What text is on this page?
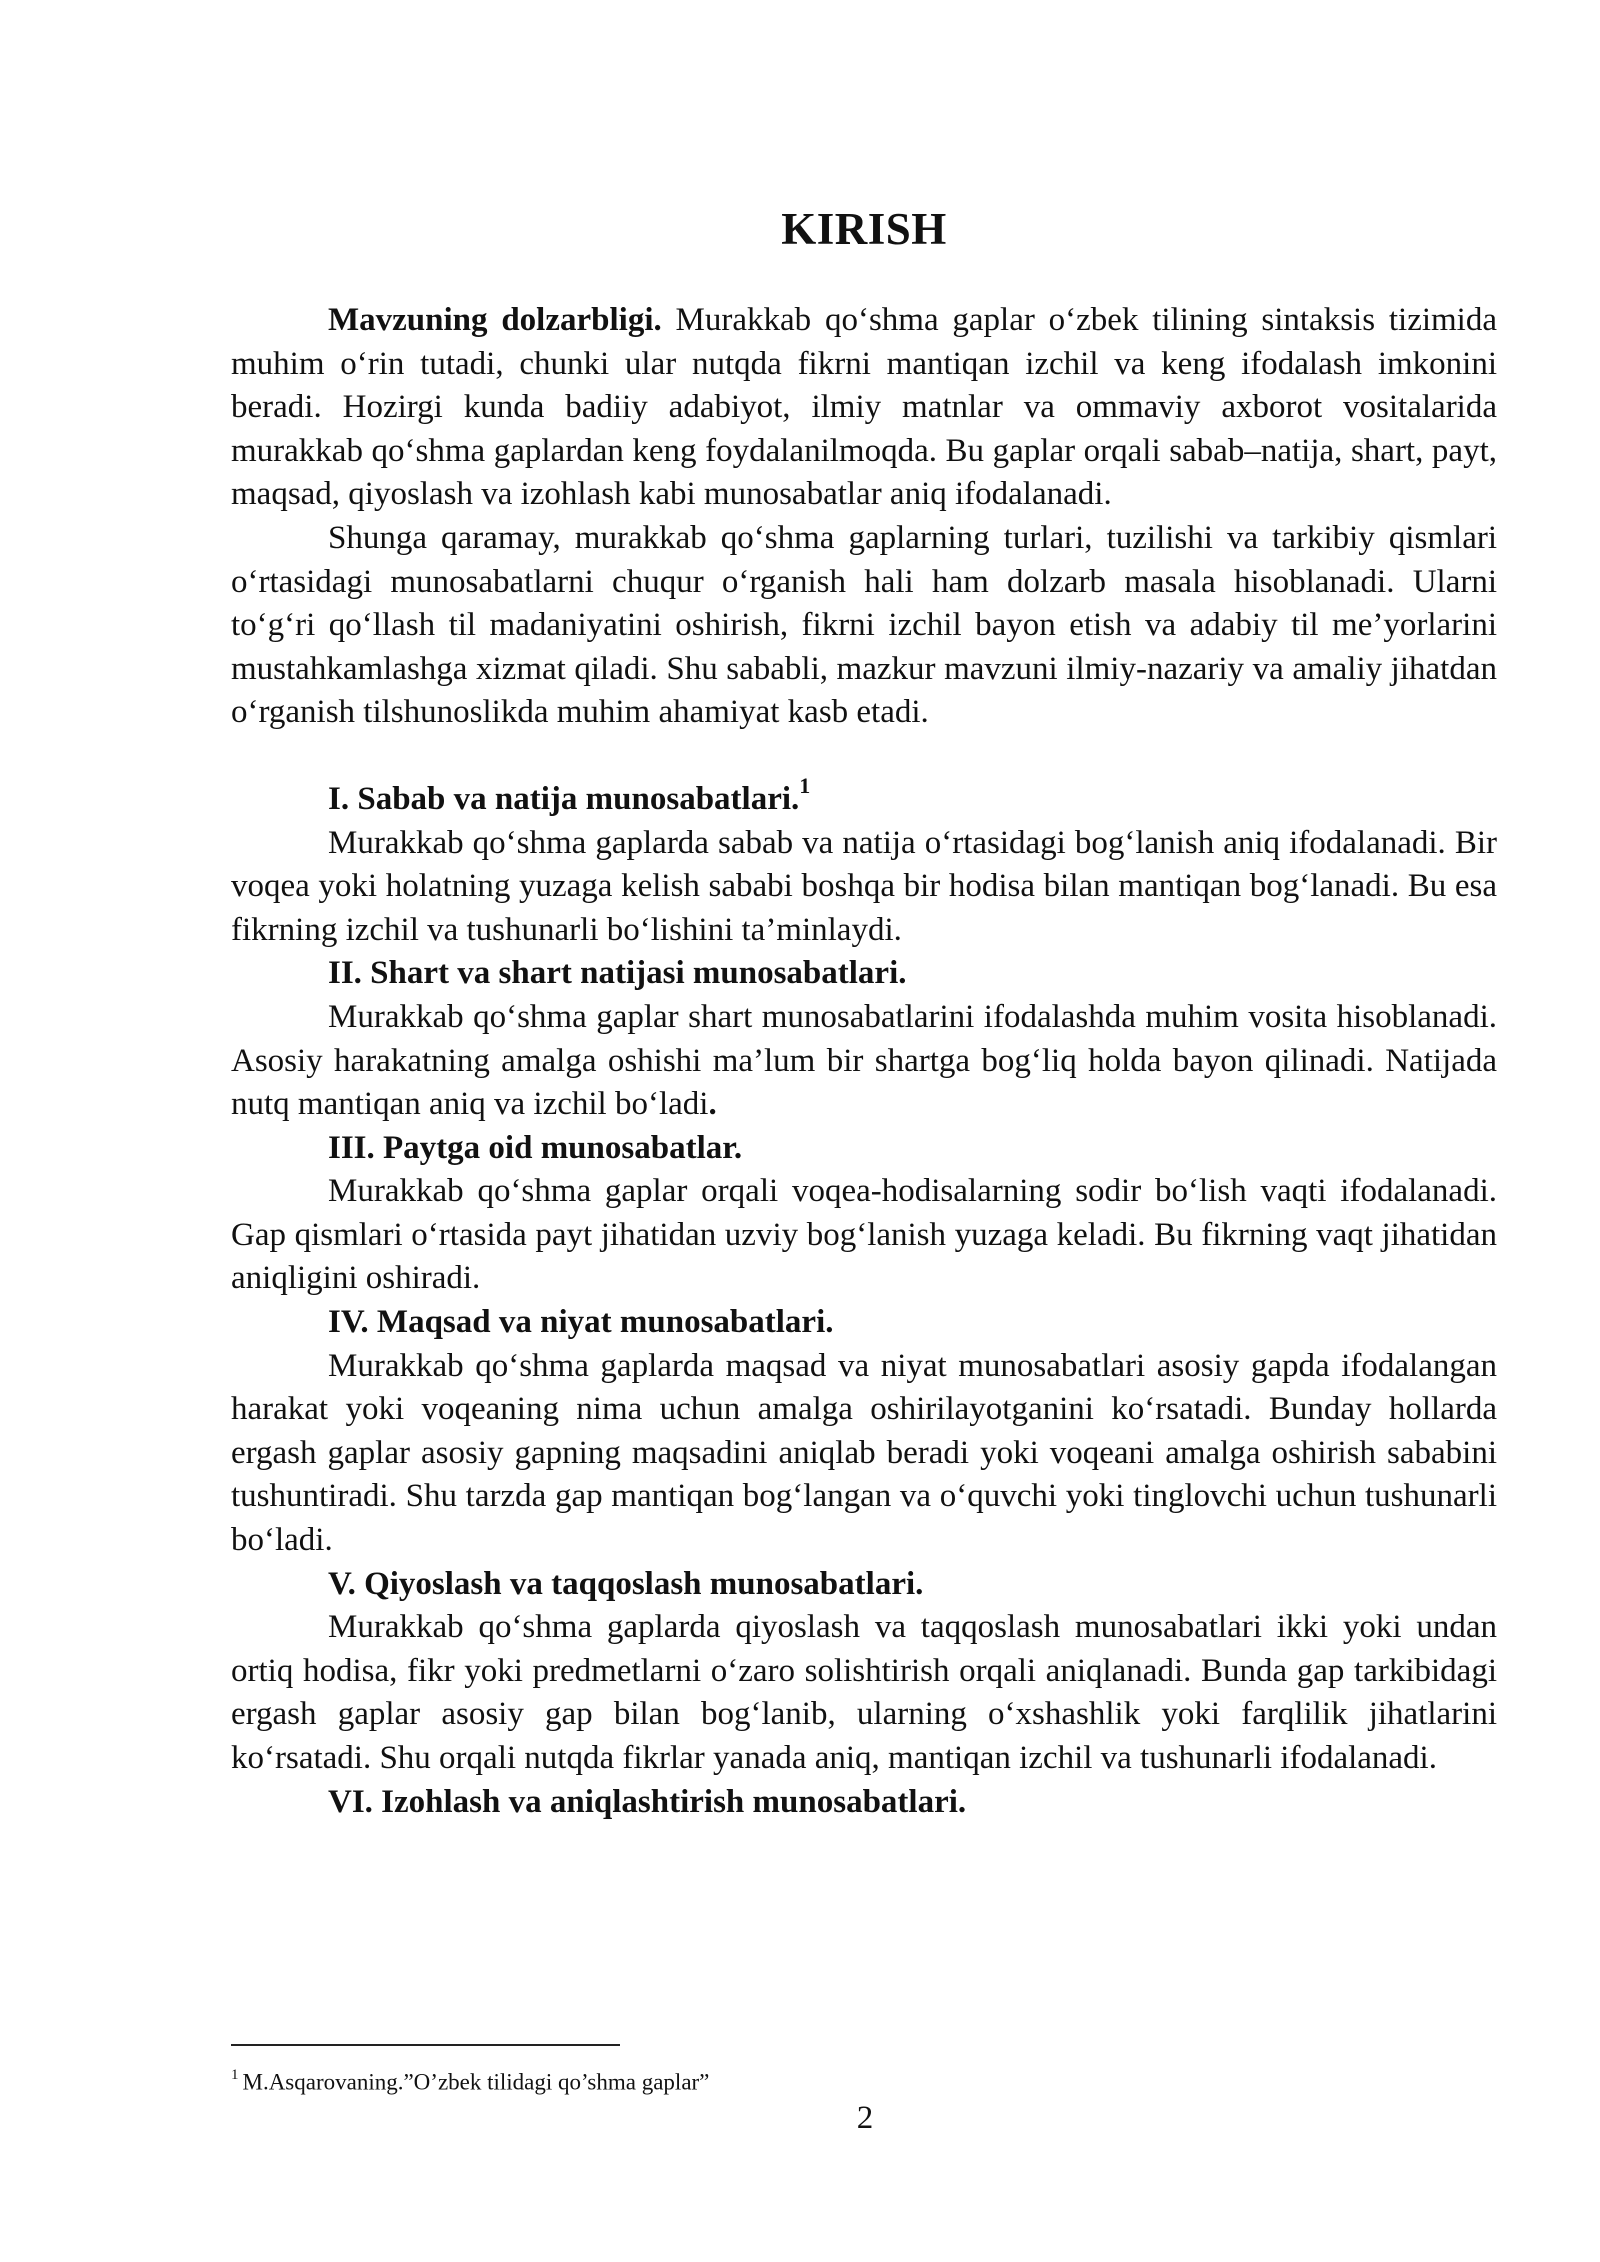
KIRISH

Mavzuning dolzarbligi. Murakkab qo‘shma gaplar o‘zbek tilining sintaksis tizimida muhim o‘rin tutadi, chunki ular nutqda fikrni mantiqan izchil va keng ifodalash imkonini beradi. Hozirgi kunda badiiy adabiyot, ilmiy matnlar va ommaviy axborot vositalarida murakkab qo‘shma gaplardan keng foydalanilmoqda. Bu gaplar orqali sabab–natija, shart, payt, maqsad, qiyoslash va izohlash kabi munosabatlar aniq ifodalanadi.

Shunga qaramay, murakkab qo‘shma gaplarning turlari, tuzilishi va tarkibiy qismlari o‘rtasidagi munosabatlarni chuqur o‘rganish hali ham dolzarb masala hisoblanadi. Ularni to‘g‘ri qo‘llash til madaniyatini oshirish, fikrni izchil bayon etish va adabiy til me’yorlarini mustahkamlashga xizmat qiladi. Shu sababli, mazkur mavzuni ilmiy-nazariy va amaliy jihatdan o‘rganish tilshunoslikda muhim ahamiyat kasb etadi.

I. Sabab va natija munosabatlari.$^1$

Murakkab qo‘shma gaplarda sabab va natija o‘rtasidagi bog‘lanish aniq ifodalanadi. Bir voqea yoki holatning yuzaga kelish sababi boshqa bir hodisa bilan mantiqan bog‘lanadi. Bu esa fikrning izchil va tushunarli bo‘lishini ta’minlaydi.

II. Shart va shart natijasi munosabatlari.

Murakkab qo‘shma gaplar shart munosabatlarini ifodalashda muhim vosita hisoblanadi. Asosiy harakatning amalga oshishi ma’lum bir shartga bog‘liq holda bayon qilinadi. Natijada nutq mantiqan aniq va izchil bo‘ladi.

III. Paytga oid munosabatlar.

Murakkab qo‘shma gaplar orqali voqea-hodisalarning sodir bo‘lish vaqti ifodalanadi. Gap qismlari o‘rtasida payt jihatidan uzviy bog‘lanish yuzaga keladi. Bu fikrning vaqt jihatidan aniqligini oshiradi.

IV. Maqsad va niyat munosabatlari.

Murakkab qo‘shma gaplarda maqsad va niyat munosabatlari asosiy gapda ifodalangan harakat yoki voqeaning nima uchun amalga oshirilayotganini ko‘rsatadi. Bunday hollarda ergash gaplar asosiy gapning maqsadini aniqlab beradi yoki voqeani amalga oshirish sababini tushuntiradi. Shu tarzda gap mantiqan bog‘langan va o‘quvchi yoki tinglovchi uchun tushunarli bo‘ladi.

V. Qiyoslash va taqqoslash munosabatlari.

Murakkab qo‘shma gaplarda qiyoslash va taqqoslash munosabatlari ikki yoki undan ortiq hodisa, fikr yoki predmetlarni o‘zaro solishtirish orqali aniqlanadi. Bunda gap tarkibidagi ergash gaplar asosiy gap bilan bog‘lanib, ularning o‘xshashlik yoki farqlilik jihatlarini ko‘rsatadi. Shu orqali nutqda fikrlar yanada aniq, mantiqan izchil va tushunarli ifodalanadi.

VI. Izohlash va aniqlashtirish munosabatlari.

$^1$ M.Asqarovaning.”O’zbek tilidagi qo’shma gaplar”
2
